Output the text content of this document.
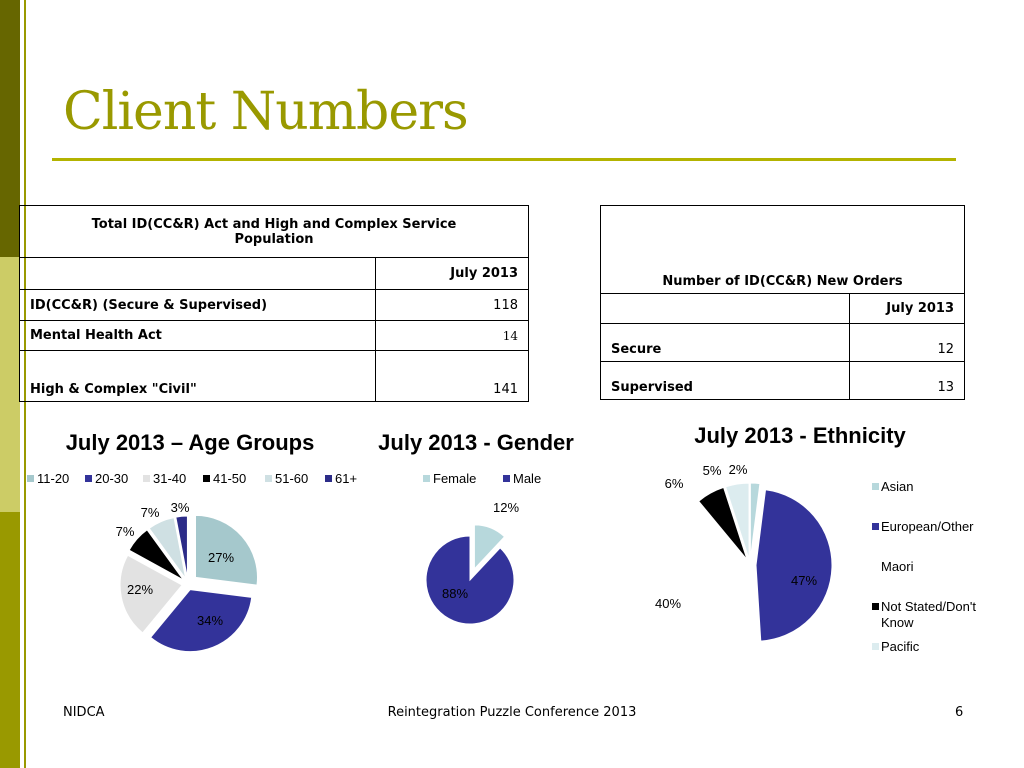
Client Numbers
Total ID(CC&R) Act and High and Complex Service Population	
	July 2013
ID(CC&R) (Secure & Supervised)	118
Mental Health Act	14
High & Complex "Civil"	141
Number of ID(CC&R) New Orders	
	July 2013
Secure	12
Supervised	13
July 2013 – Age Groups	July 2013 - Gender	July 2013 - Ethnicity
11-20 20-30 31-40 41-50 51-60 61+	Female	Male
Asian
European/Other
Maori
Not Stated/Don't Know
Pacific
27%
34%
22%
7%
7% 3%	12%
88%
2%
47%
40%
6%
5%
NIDCA	Reintegration Puzzle Conference 2013	6
